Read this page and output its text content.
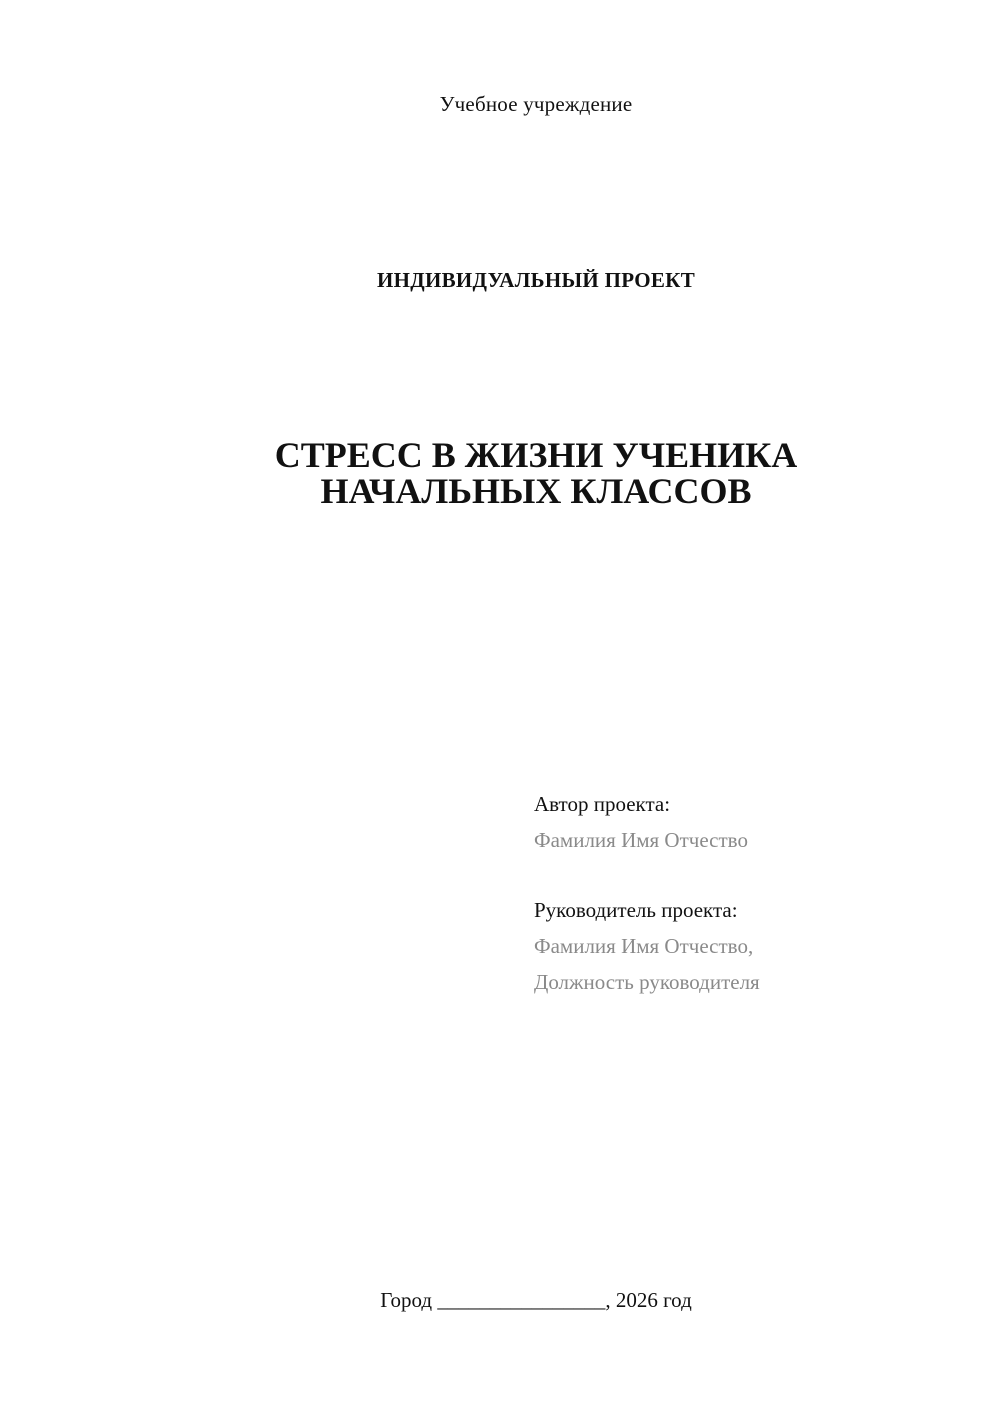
Учебное учреждение
ИНДИВИДУАЛЬНЫЙ ПРОЕКТ
СТРЕСС В ЖИЗНИ УЧЕНИКА
НАЧАЛЬНЫХ КЛАССОВ
Автор проекта:
Фамилия Имя Отчество
Руководитель проекта:
Фамилия Имя Отчество,
Должность руководителя
Город ________________, 2026 год
